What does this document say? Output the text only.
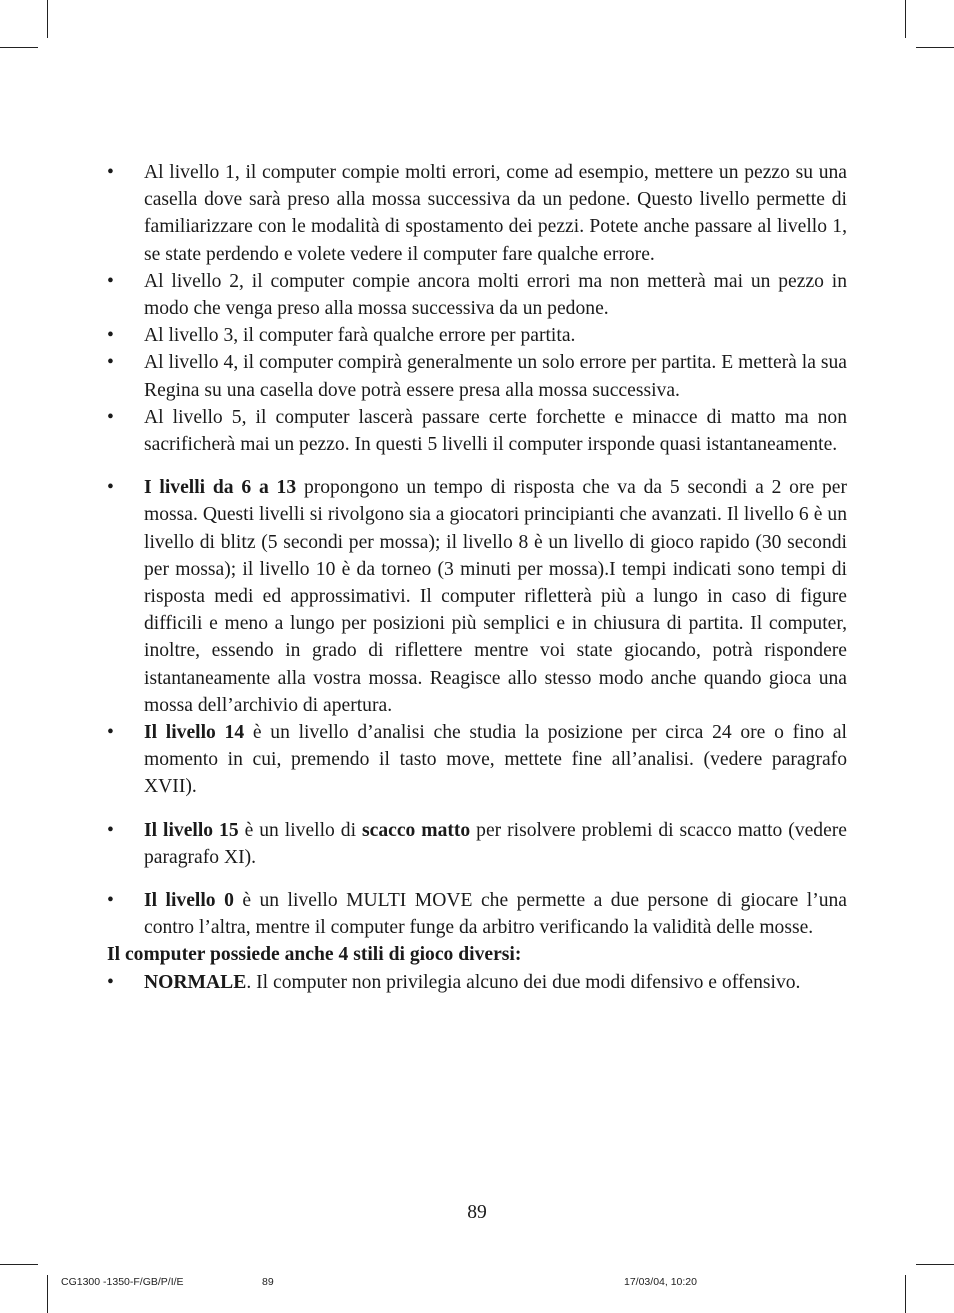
• Al livello 1, il computer compie molti errori, come ad esempio, mettere un pezzo su una casella dove sarà preso alla mossa successiva da un pedone. Questo livello permette di familiarizzare con le modalità di spostamento dei pezzi. Potete anche passare al livello 1, se state perdendo e volete vedere il computer fare qualche errore.
• Al livello 2, il computer compie ancora molti errori ma non metterà mai un pezzo in modo che venga preso alla mossa successiva da un pedone.
• Al livello 3, il computer farà qualche errore per partita.
• Al livello 4, il computer compirà generalmente un solo errore per partita. E metterà la sua Regina su una casella dove potrà essere presa alla mossa successiva.
• Al livello 5, il computer lascerà passare certe forchette e minacce di matto ma non sacrificherà mai un pezzo. In questi 5 livelli il computer irsponde quasi istantaneamente.
• I livelli da 6 a 13 propongono un tempo di risposta che va da 5 secondi a 2 ore per mossa. Questi livelli si rivolgono sia a giocatori principianti che avanzati. Il livello 6 è un livello di blitz (5 secondi per mossa); il livello 8 è un livello di gioco rapido (30 secondi per mossa); il livello 10 è da torneo (3 minuti per mossa).I tempi indicati sono tempi di risposta medi ed approssimativi. Il computer rifletterà più a lungo in caso di figure difficili e meno a lungo per posizioni più semplici e in chiusura di partita. Il computer, inoltre, essendo in grado di riflettere mentre voi state giocando, potrà rispondere istantaneamente alla vostra mossa. Reagisce allo stesso modo anche quando gioca una mossa dell’archivio di apertura.
• Il livello 14 è un livello d’analisi che studia la posizione per circa 24 ore o fino al momento in cui, premendo il tasto move, mettete fine all’analisi. (vedere paragrafo XVII).
• Il livello 15 è un livello di scacco matto per risolvere problemi di scacco matto (vedere paragrafo XI).
• Il livello 0 è un livello MULTI MOVE che permette a due persone di giocare l’una contro l’altra, mentre il computer funge da arbitro verificando la validità delle mosse.

Il computer possiede anche 4 stili di gioco diversi:

• NORMALE. Il computer non privilegia alcuno dei due modi difensivo e offensivo.
89
CG1300 -1350-F/GB/P/I/E	89	17/03/04, 10:20
